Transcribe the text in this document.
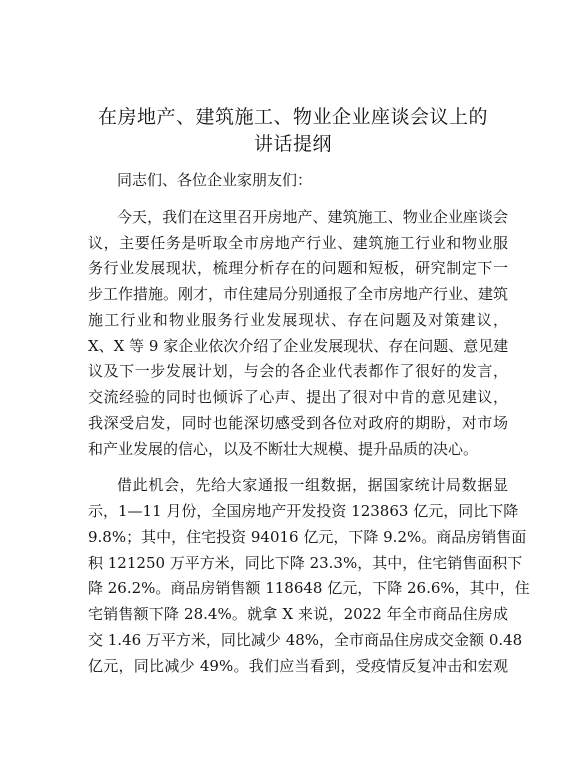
在房地产、建筑施工、物业企业座谈会议上的
讲话提纲
同志们、各位企业家朋友们：
今天，我们在这里召开房地产、建筑施工、物业企业座谈会
议，主要任务是听取全市房地产行业、建筑施工行业和物业服
务行业发展现状，梳理分析存在的问题和短板，研究制定下一
步工作措施。刚才，市住建局分别通报了全市房地产行业、建筑
施工行业和物业服务行业发展现状、存在问题及对策建议，
X、X 等 9 家企业依次介绍了企业发展现状、存在问题、意见建
议及下一步发展计划，与会的各企业代表都作了很好的发言，
交流经验的同时也倾诉了心声、提出了很对中肯的意见建议，
我深受启发，同时也能深切感受到各位对政府的期盼，对市场
和产业发展的信心，以及不断壮大规模、提升品质的决心。
借此机会，先给大家通报一组数据，据国家统计局数据显
示，1—11 月份，全国房地产开发投资 123863 亿元，同比下降
9.8%；其中，住宅投资 94016 亿元，下降 9.2%。商品房销售面
积 121250 万平方米，同比下降 23.3%，其中，住宅销售面积下
降 26.2%。商品房销售额 118648 亿元，下降 26.6%，其中，住
宅销售额下降 28.4%。就拿 X 来说，2022 年全市商品住房成
交 1.46 万平方米，同比减少 48%，全市商品住房成交金额 0.48
亿元，同比减少 49%。我们应当看到，受疫情反复冲击和宏观
